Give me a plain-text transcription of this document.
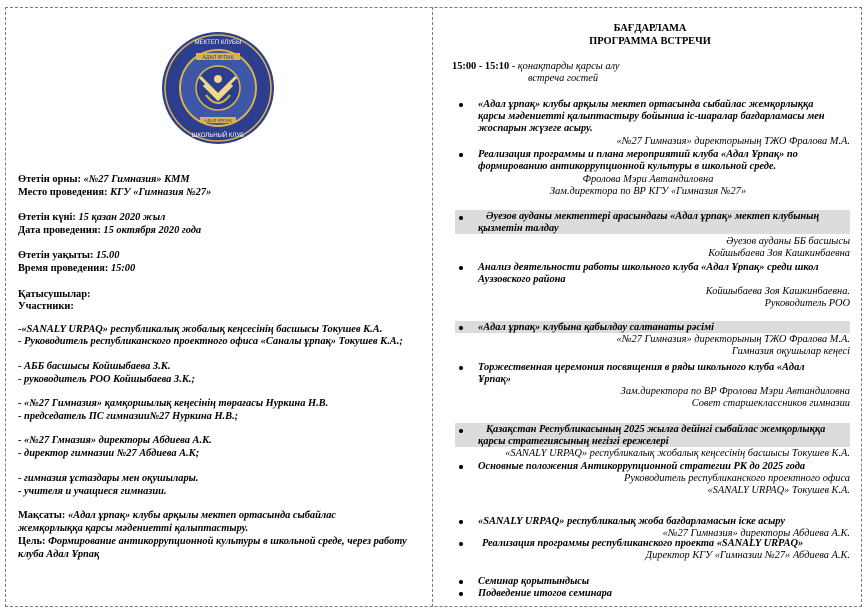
МЕКТЕП КЛУБЫ
АДАЛ ҰРПАҚ
АДАЛ ҰРПАҚ
ШКОЛЬНЫЙ КЛУБ
Өтетін орны: «№27 Гимназия» КММ
Место проведения: КГУ «Гимназия №27»
Өтетін күні: 15 қазан 2020 жыл
Дата проведения: 15 октября 2020 года
Өтетін уақыты: 15.00
Время проведения: 15:00
Қатысушылар:
Участники:
-«SANALY URPAQ» республикалық жобалық кеңсесінің басшысы Токушев К.А.
- Руководитель республиканского проектного офиса «Саналы ұрпақ» Токушев К.А.;
- АББ басшысы Койшыбаева З.К.
- руководитель РОО Койшыбаева З.К.;
- «№27 Гимназия» қамқоршылық кеңесінің төрағасы Нуркина Н.В.
- председатель ПС гимназии№27 Нуркина Н.В.;
- «№27 Гмназия» директоры Абдиева А.К.
- директор гимназии №27 Абдиева А.К;
- гимназия ұстаздары мен оқушылары.
- учителя и учащиеся гимназии.
Мақсаты: «Адал ұрпақ» клубы арқылы мектеп ортасында сыбайлас
жемқорлыққа қарсы мәдениетті қалыптастыру.
Цель: Формирование антикоррупционной культуры в школьной среде, через работу
клуба Адал Ұрпақ
БАҒДАРЛАМА
ПРОГРАММА ВСТРЕЧИ
15:00 - 15:10 - қонақтарды қарсы алу
встреча гостей
«Адал ұрпақ» клубы арқылы мектеп ортасында сыбайлас жемқорлыққа
қарсы мәдениетті қалыптастыру бойынша іс-шаралар бағдарламасы мен
жоспарын жүзеге асыру.
«№27 Гимназия» директорының ТЖО Фралова М.А.
Реализация программы и плана мероприятий клуба «Адал Ұрпақ» по
формированию антикоррупционной культуры в школьной среде.
Фролова Мэри Автандиловна
Зам.директора по ВР КГУ «Гимназия №27»
Әуезов ауданы мектептері арасындағы «Адал ұрпақ» мектеп клубының
қызметін талдау
Әуезов ауданы ББ басшысы
Койшыбаева Зоя Кашкинбаевна
Анализ деятельности работы школьного клуба «Адал Ұрпақ» среди школ
Ауэзовского района
Койшыбаева Зоя Кашкинбаевна.
Руководитель РОО
«Адал ұрпақ» клубына қабылдау салтанаты рәсімі
«№27 Гимназия» директорының ТЖО Фралова М.А.
Гимназия оқушылар кеңесі
Торжественная церемония посвящения в ряды школьного клуба «Адал
Ұрпақ»
Зам.директора по ВР Фролова Мэри Автандиловна
Совет старшеклассников гимназии
Қазақстан Республикасының 2025 жылға дейінгі сыбайлас жемқорлыққа
қарсы стратегиясының негізгі ережелері
«SANALY URPAQ» республикалық жобалық кеңсесінің басшысы Токушев К.А.
Основные положения Антикоррупционной стратегии РК до 2025 года
Руководитель республиканского проектного офиса
«SANALY URPAQ» Токушев К.А.
«SANALY URPAQ» республикалық жоба бағдарламасын іске асыру
«№27 Гимназия» директоры Абдиева А.К.
Реализация программы республиканского проекта «SANALY URPAQ»
Директор КГУ «Гимназии №27» Абдиева А.К.
Семинар қорытындысы
Подведение итогов семинара
